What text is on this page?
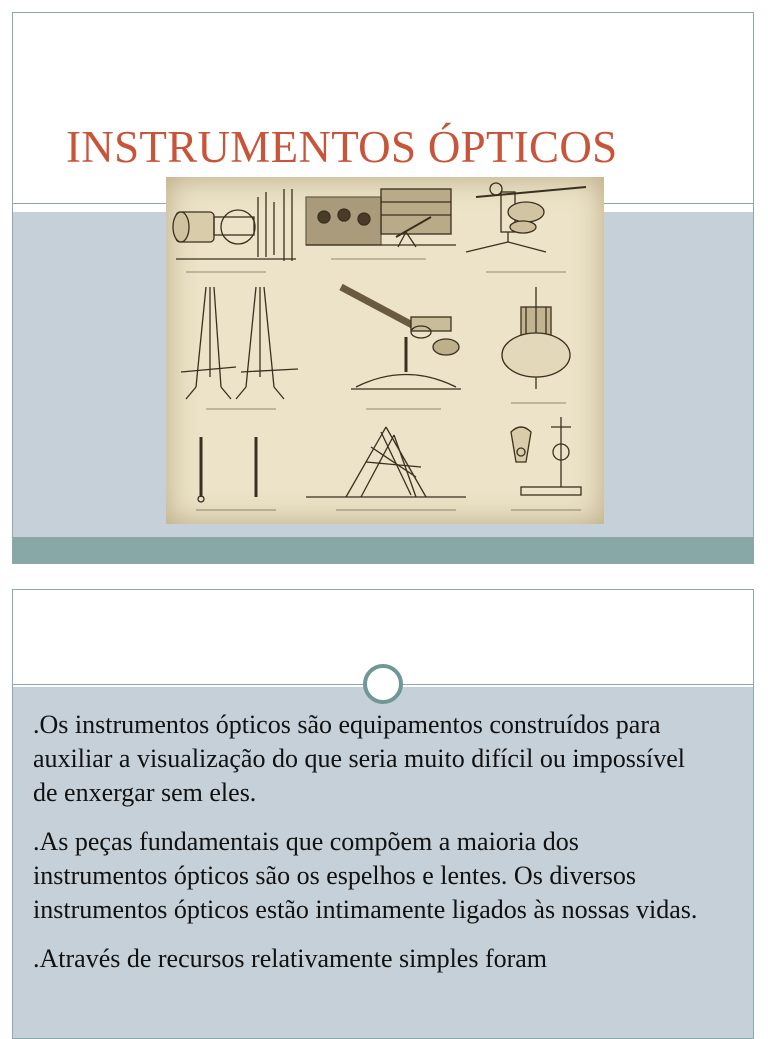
INSTRUMENTOS ÓPTICOS

.Os instrumentos ópticos são equipamentos construídos para auxiliar a visualização do que seria muito difícil ou impossível de enxergar sem eles.

.As peças fundamentais que compõem a maioria dos instrumentos ópticos são os espelhos e lentes. Os diversos instrumentos ópticos estão intimamente ligados às nossas vidas.

.Através de recursos relativamente simples foram
